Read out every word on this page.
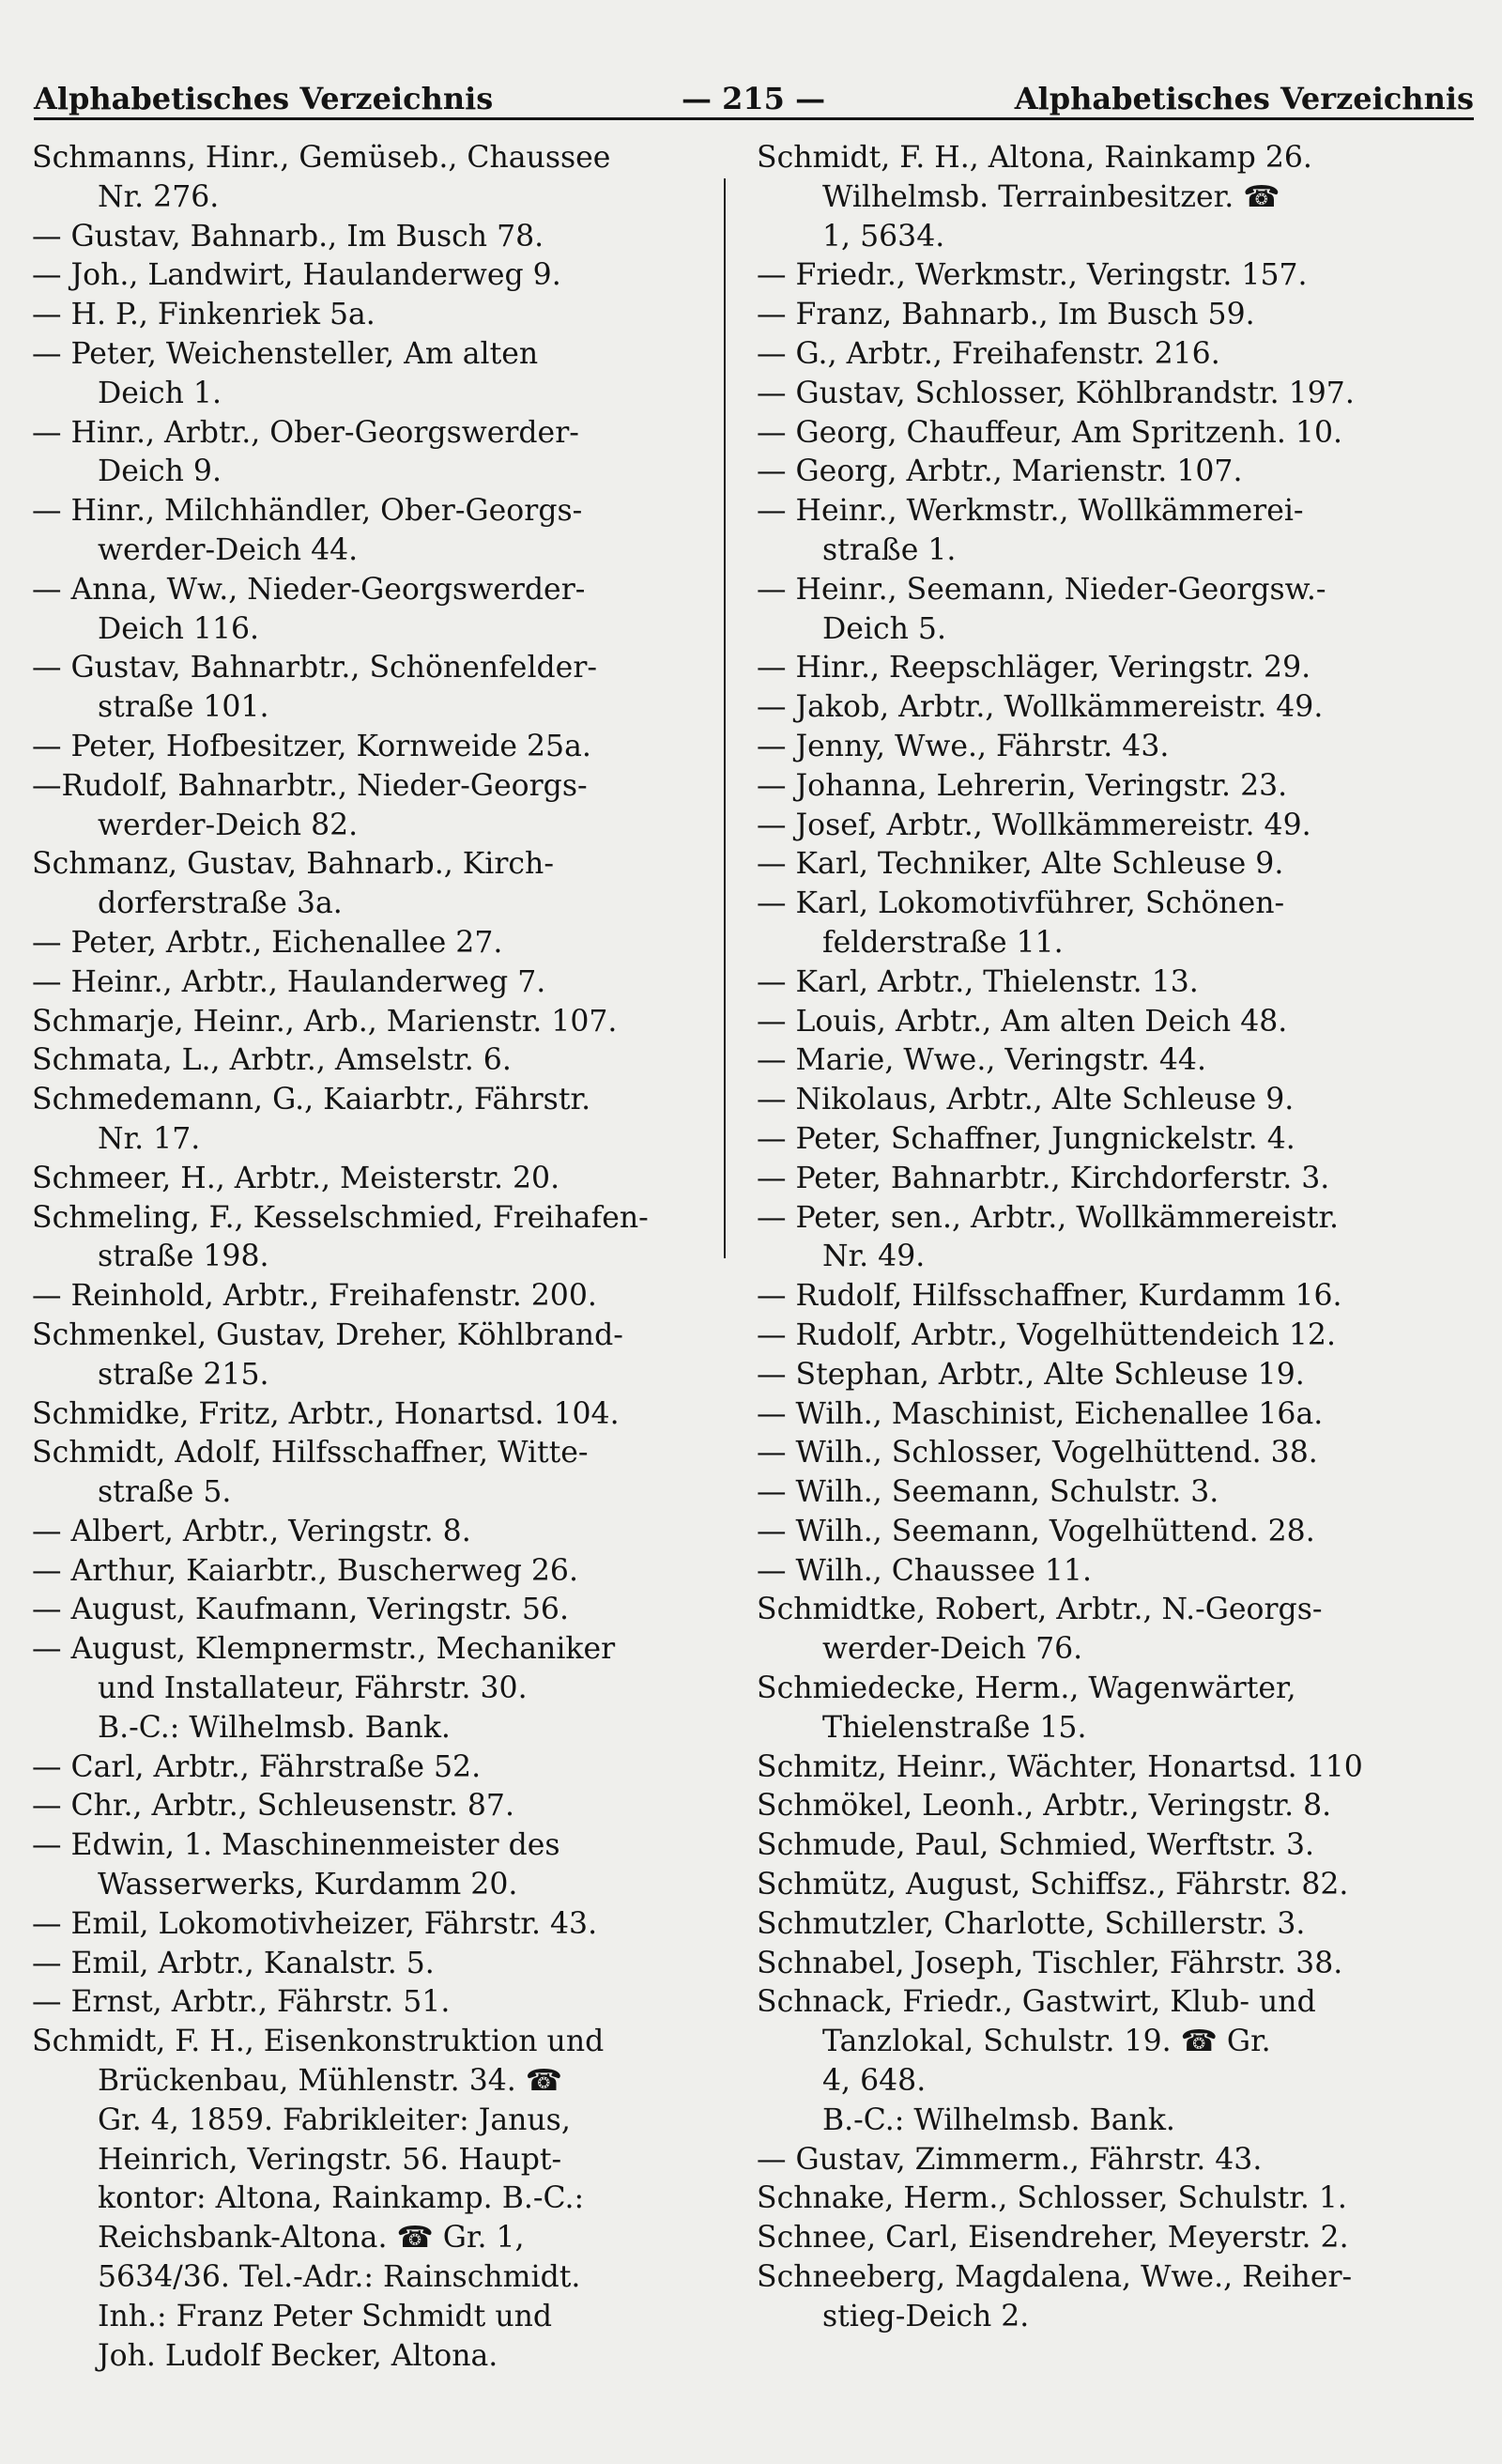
Alphabetisches Verzeichnis	— 215 —	Alphabetisches Verzeichnis
Schmanns, Hinr., Gemüseb., Chaussee
Nr. 276.
— Gustav, Bahnarb., Im Busch 78.
— Joh., Landwirt, Haulanderweg 9.
— H. P., Finkenriek 5a.
— Peter, Weichensteller, Am alten
Deich 1.
— Hinr., Arbtr., Ober-Georgswerder-
Deich 9.
— Hinr., Milchhändler, Ober-Georgs-
werder-Deich 44.
— Anna, Ww., Nieder-Georgswerder-
Deich 116.
— Gustav, Bahnarbtr., Schönenfelder-
straße 101.
— Peter, Hofbesitzer, Kornweide 25a.
—Rudolf, Bahnarbtr., Nieder-Georgs-
werder-Deich 82.
Schmanz, Gustav, Bahnarb., Kirch-
dorferstraße 3a.
— Peter, Arbtr., Eichenallee 27.
— Heinr., Arbtr., Haulanderweg 7.
Schmarje, Heinr., Arb., Marienstr. 107.
Schmata, L., Arbtr., Amselstr. 6.
Schmedemann, G., Kaiarbtr., Fährstr.
Nr. 17.
Schmeer, H., Arbtr., Meisterstr. 20.
Schmeling, F., Kesselschmied, Freihafen-
straße 198.
— Reinhold, Arbtr., Freihafenstr. 200.
Schmenkel, Gustav, Dreher, Köhlbrand-
straße 215.
Schmidke, Fritz, Arbtr., Honartsd. 104.
Schmidt, Adolf, Hilfsschaffner, Witte-
straße 5.
— Albert, Arbtr., Veringstr. 8.
— Arthur, Kaiarbtr., Buscherweg 26.
— August, Kaufmann, Veringstr. 56.
— August, Klempnermstr., Mechaniker
und Installateur, Fährstr. 30.
B.-C.: Wilhelmsb. Bank.
— Carl, Arbtr., Fährstraße 52.
— Chr., Arbtr., Schleusenstr. 87.
— Edwin, 1. Maschinenmeister des
Wasserwerks, Kurdamm 20.
— Emil, Lokomotivheizer, Fährstr. 43.
— Emil, Arbtr., Kanalstr. 5.
— Ernst, Arbtr., Fährstr. 51.
Schmidt, F. H., Eisenkonstruktion und
Brückenbau, Mühlenstr. 34. ☎
Gr. 4, 1859. Fabrikleiter: Janus,
Heinrich, Veringstr. 56. Haupt-
kontor: Altona, Rainkamp. B.-C.:
Reichsbank-Altona. ☎ Gr. 1,
5634/36. Tel.-Adr.: Rainschmidt.
Inh.: Franz Peter Schmidt und
Joh. Ludolf Becker, Altona.
Schmidt, F. H., Altona, Rainkamp 26.
Wilhelmsb. Terrainbesitzer. ☎
1, 5634.
— Friedr., Werkmstr., Veringstr. 157.
— Franz, Bahnarb., Im Busch 59.
— G., Arbtr., Freihafenstr. 216.
— Gustav, Schlosser, Köhlbrandstr. 197.
— Georg, Chauffeur, Am Spritzenh. 10.
— Georg, Arbtr., Marienstr. 107.
— Heinr., Werkmstr., Wollkämmerei-
straße 1.
— Heinr., Seemann, Nieder-Georgsw.-
Deich 5.
— Hinr., Reepschläger, Veringstr. 29.
— Jakob, Arbtr., Wollkämmereistr. 49.
— Jenny, Wwe., Fährstr. 43.
— Johanna, Lehrerin, Veringstr. 23.
— Josef, Arbtr., Wollkämmereistr. 49.
— Karl, Techniker, Alte Schleuse 9.
— Karl, Lokomotivführer, Schönen-
felderstraße 11.
— Karl, Arbtr., Thielenstr. 13.
— Louis, Arbtr., Am alten Deich 48.
— Marie, Wwe., Veringstr. 44.
— Nikolaus, Arbtr., Alte Schleuse 9.
— Peter, Schaffner, Jungnickelstr. 4.
— Peter, Bahnarbtr., Kirchdorferstr. 3.
— Peter, sen., Arbtr., Wollkämmereistr.
Nr. 49.
— Rudolf, Hilfsschaffner, Kurdamm 16.
— Rudolf, Arbtr., Vogelhüttendeich 12.
— Stephan, Arbtr., Alte Schleuse 19.
— Wilh., Maschinist, Eichenallee 16a.
— Wilh., Schlosser, Vogelhüttend. 38.
— Wilh., Seemann, Schulstr. 3.
— Wilh., Seemann, Vogelhüttend. 28.
— Wilh., Chaussee 11.
Schmidtke, Robert, Arbtr., N.-Georgs-
werder-Deich 76.
Schmiedecke, Herm., Wagenwärter,
Thielenstraße 15.
Schmitz, Heinr., Wächter, Honartsd. 110
Schmökel, Leonh., Arbtr., Veringstr. 8.
Schmude, Paul, Schmied, Werftstr. 3.
Schmütz, August, Schiffsz., Fährstr. 82.
Schmutzler, Charlotte, Schillerstr. 3.
Schnabel, Joseph, Tischler, Fährstr. 38.
Schnack, Friedr., Gastwirt, Klub- und
Tanzlokal, Schulstr. 19. ☎ Gr.
4, 648.
B.-C.: Wilhelmsb. Bank.
— Gustav, Zimmerm., Fährstr. 43.
Schnake, Herm., Schlosser, Schulstr. 1.
Schnee, Carl, Eisendreher, Meyerstr. 2.
Schneeberg, Magdalena, Wwe., Reiher-
stieg-Deich 2.
